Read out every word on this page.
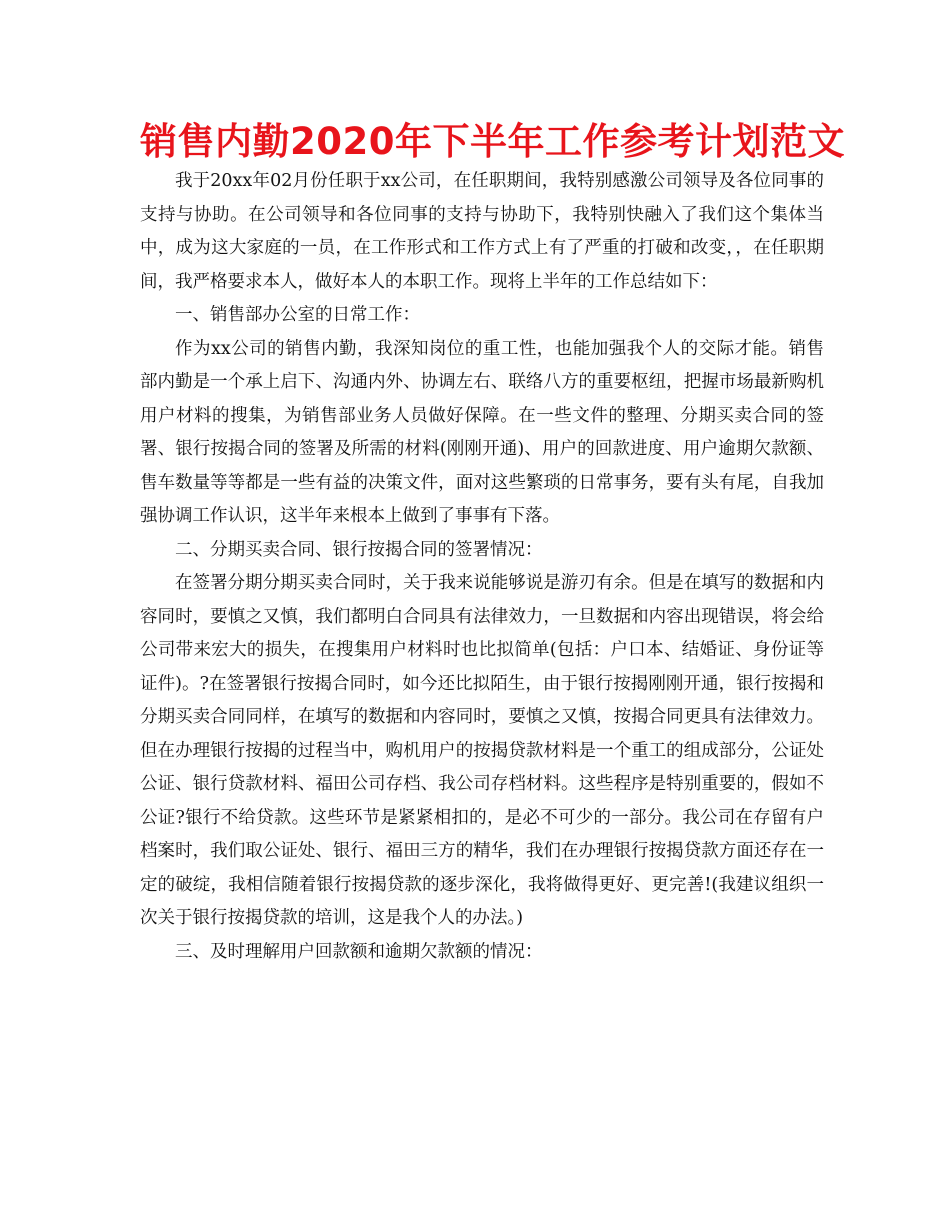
销售内勤2020年下半年工作参考计划范文

我于20xx年02月份任职于xx公司，在任职期间，我特别感激公司领导及各位同事的支持与协助。在公司领导和各位同事的支持与协助下，我特别快融入了我们这个集体当中，成为这大家庭的一员，在工作形式和工作方式上有了严重的打破和改变，，在任职期间，我严格要求本人，做好本人的本职工作。现将上半年的工作总结如下：

一、销售部办公室的日常工作：

作为xx公司的销售内勤，我深知岗位的重工性，也能加强我个人的交际才能。销售部内勤是一个承上启下、沟通内外、协调左右、联络八方的重要枢纽，把握市场最新购机用户材料的搜集，为销售部业务人员做好保障。在一些文件的整理、分期买卖合同的签署、银行按揭合同的签署及所需的材料(刚刚开通)、用户的回款进度、用户逾期欠款额、售车数量等等都是一些有益的决策文件，面对这些繁琐的日常事务，要有头有尾，自我加强协调工作认识，这半年来根本上做到了事事有下落。

二、分期买卖合同、银行按揭合同的签署情况：

在签署分期分期买卖合同时，关于我来说能够说是游刃有余。但是在填写的数据和内容同时，要慎之又慎，我们都明白合同具有法律效力，一旦数据和内容出现错误，将会给公司带来宏大的损失，在搜集用户材料时也比拟简单(包括：户口本、结婚证、身份证等证件)。?在签署银行按揭合同时，如今还比拟陌生，由于银行按揭刚刚开通，银行按揭和分期买卖合同同样，在填写的数据和内容同时，要慎之又慎，按揭合同更具有法律效力。但在办理银行按揭的过程当中，购机用户的按揭贷款材料是一个重工的组成部分，公证处公证、银行贷款材料、福田公司存档、我公司存档材料。这些程序是特别重要的，假如不公证?银行不给贷款。这些环节是紧紧相扣的，是必不可少的一部分。我公司在存留有户档案时，我们取公证处、银行、福田三方的精华，我们在办理银行按揭贷款方面还存在一定的破绽，我相信随着银行按揭贷款的逐步深化，我将做得更好、更完善!(我建议组织一次关于银行按揭贷款的培训，这是我个人的办法。)

三、及时理解用户回款额和逾期欠款额的情况：
